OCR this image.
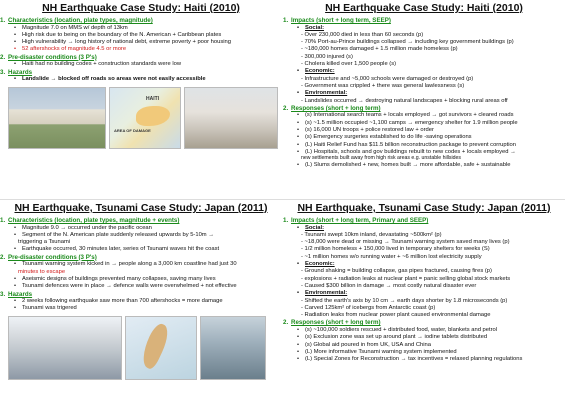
NH Earthquake Case Study: Haiti (2010)
1. Characteristics (location, plate types, magnitude)
• Magnitude 7.0 on MMS w/ depth of 13km
• High risk due to being on the boundary of the N. American + Caribbean plates
• High vulnerability → long history of national debt, extreme poverty + poor housing
• 52 aftershocks of magnitude 4.5 or more
2. Pre-disaster conditions (3 P's)
• Haiti had no building codes + construction standards were low
3. Hazards
• Landslide → blocked off roads so areas were not easily accessible
HAITI
AREA OF DAMAGE
NH Earthquake Case Study: Haiti (2010)
1. Impacts (short + long term, SEEP)
• Social:
- Over 230,000 died in less than 60 seconds (p)
- 70% Port-au-Prince buildings collapsed → including key government buildings (p)
- ~180,000 homes damaged + 1.5 million made homeless (p)
- 300,000 injured (s)
- Cholera killed over 1,500 people (s)
• Economic:
- Infrastructure and ~5,000 schools were damaged or destroyed (p)
- Government was crippled + there was general lawlessness (s)
• Environmental:
- Landslides occurred → destroying natural landscapes + blocking rural areas off
2. Responses (short + long term)
• (s) International search teams + locals employed → got survivors + cleared roads
• (s) ~1.5 million occupied ~1,100 camps → emergency shelter for 1.9 million people
• (s) 16,000 UN troops + police restored law + order
• (s) Emergency surgeries established to do life -saving operations
• (L) Haiti Relief Fund has $11.5 billion reconstruction package to prevent corruption
• (L) Hospitals, schools and gov buildings rebuilt to new codes + locals employed →
new settlements built away from high risk areas e.g. unstable hillsides
• (L) Slums demolished + new, homes built → more affordable, safe + sustainable
NH Earthquake, Tsunami Case Study: Japan (2011)
1. Characteristics (location, plate types, magnitude + events)
• Magnitude 9.0 → occurred under the pacific ocean
• Segment of the N. American plate suddenly released upwards by 5-10m →
triggering a Tsunami
• Earthquake occurred, 30 minutes later, series of Tsunami waves hit the coast
2. Pre-disaster conditions (3 P's)
• Tsunami warning system kicked in → people along a 3,000 km coastline had just 30
minutes to escape
• Aseismic designs of buildings prevented many collapses, saving many lives
• Tsunami defences were in place → defence walls were overwhelmed + not effective
3. Hazards
• 2 weeks following earthquake saw more than 700 aftershocks = more damage
• Tsunami was trigered
NH Earthquake, Tsunami Case Study: Japan (2011)
1. Impacts (short + long term, Primary and SEEP)
• Social:
- Tsunami swept 10km inland, devastating ~500km² (p)
- ~18,000 were dead or missing → Tsunami warning system saved many lives (p)
- 1/2 million homeless + 150,000 lived in temporary shelters for weeks (S)
- ~1 million homes w/o running water + ~6 million lost electricity supply
• Economic:
- Ground shaking = building collapse, gas pipes fractured, causing fires (p)
- explosions + radiation leaks at nuclear plant = panic selling global stock markets
- Caused $300 billion in damage → most costly natural disaster ever
• Environmental:
- Shifted the earth's axis by 10 cm → earth days shorter by 1.8 microseconds (p)
- Carved 125km² of icebergs from Antarctic coast (p)
- Radiation leaks from nuclear power plant caused environmental damage
2. Responses (short + long term)
• (s) ~100,000 soldiers rescued + distributed food, water, blankets and petrol
• (s) Exclusion zone was set up around plant → iodine tablets distributed
• (s) Global aid poured in from UK, USA and China
• (L) More informative Tsunami warning system implemented
• (L) Special Zones for Reconstruction → tax incentives = relaxed planning regulations
